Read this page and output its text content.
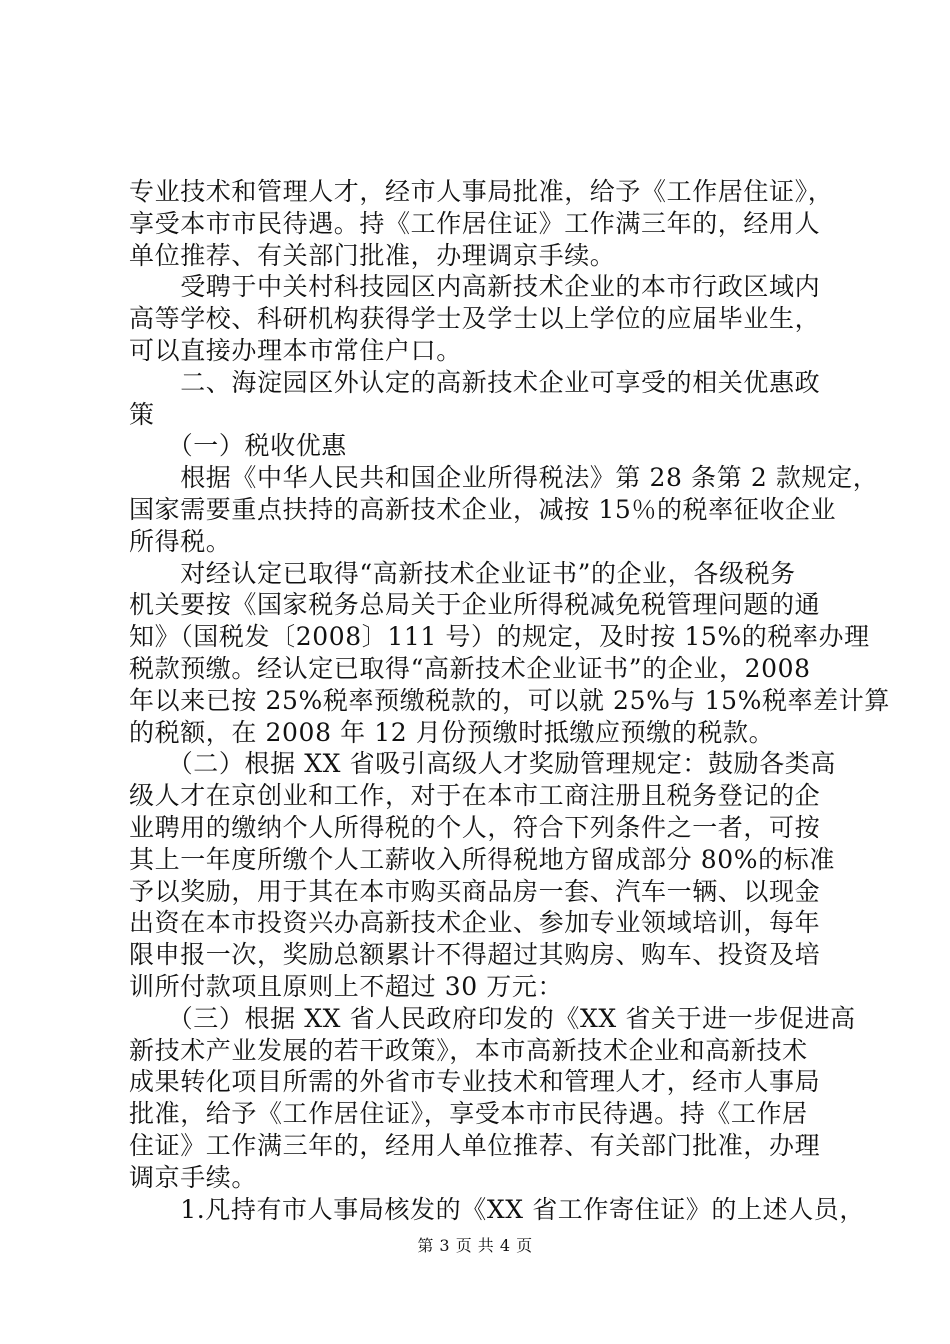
专业技术和管理人才，经市人事局批准，给予《工作居住证》，
享受本市市民待遇。持《工作居住证》工作满三年的，经用人
单位推荐、有关部门批准，办理调京手续。
　　受聘于中关村科技园区内高新技术企业的本市行政区域内
高等学校、科研机构获得学士及学士以上学位的应届毕业生，
可以直接办理本市常住户口。
　　二、海淀园区外认定的高新技术企业可享受的相关优惠政
策
　　（一）税收优惠
　　根据《中华人民共和国企业所得税法》第 28 条第 2 款规定，
国家需要重点扶持的高新技术企业，减按 15％的税率征收企业
所得税。
　　对经认定已取得“高新技术企业证书”的企业，各级税务
机关要按《国家税务总局关于企业所得税减免税管理问题的通
知》（国税发〔2008〕111 号）的规定，及时按 15%的税率办理
税款预缴。经认定已取得“高新技术企业证书”的企业，2008
年以来已按 25%税率预缴税款的，可以就 25%与 15%税率差计算
的税额，在 2008 年 12 月份预缴时抵缴应预缴的税款。
　　（二）根据 XX 省吸引高级人才奖励管理规定：鼓励各类高
级人才在京创业和工作，对于在本市工商注册且税务登记的企
业聘用的缴纳个人所得税的个人，符合下列条件之一者，可按
其上一年度所缴个人工薪收入所得税地方留成部分 80%的标准
予以奖励，用于其在本市购买商品房一套、汽车一辆、以现金
出资在本市投资兴办高新技术企业、参加专业领域培训，每年
限申报一次，奖励总额累计不得超过其购房、购车、投资及培
训所付款项且原则上不超过 30 万元：
　　（三）根据 XX 省人民政府印发的《XX 省关于进一步促进高
新技术产业发展的若干政策》，本市高新技术企业和高新技术
成果转化项目所需的外省市专业技术和管理人才，经市人事局
批准，给予《工作居住证》，享受本市市民待遇。持《工作居
住证》工作满三年的，经用人单位推荐、有关部门批准，办理
调京手续。
　　1.凡持有市人事局核发的《XX 省工作寄住证》的上述人员，
第 3 页 共 4 页
